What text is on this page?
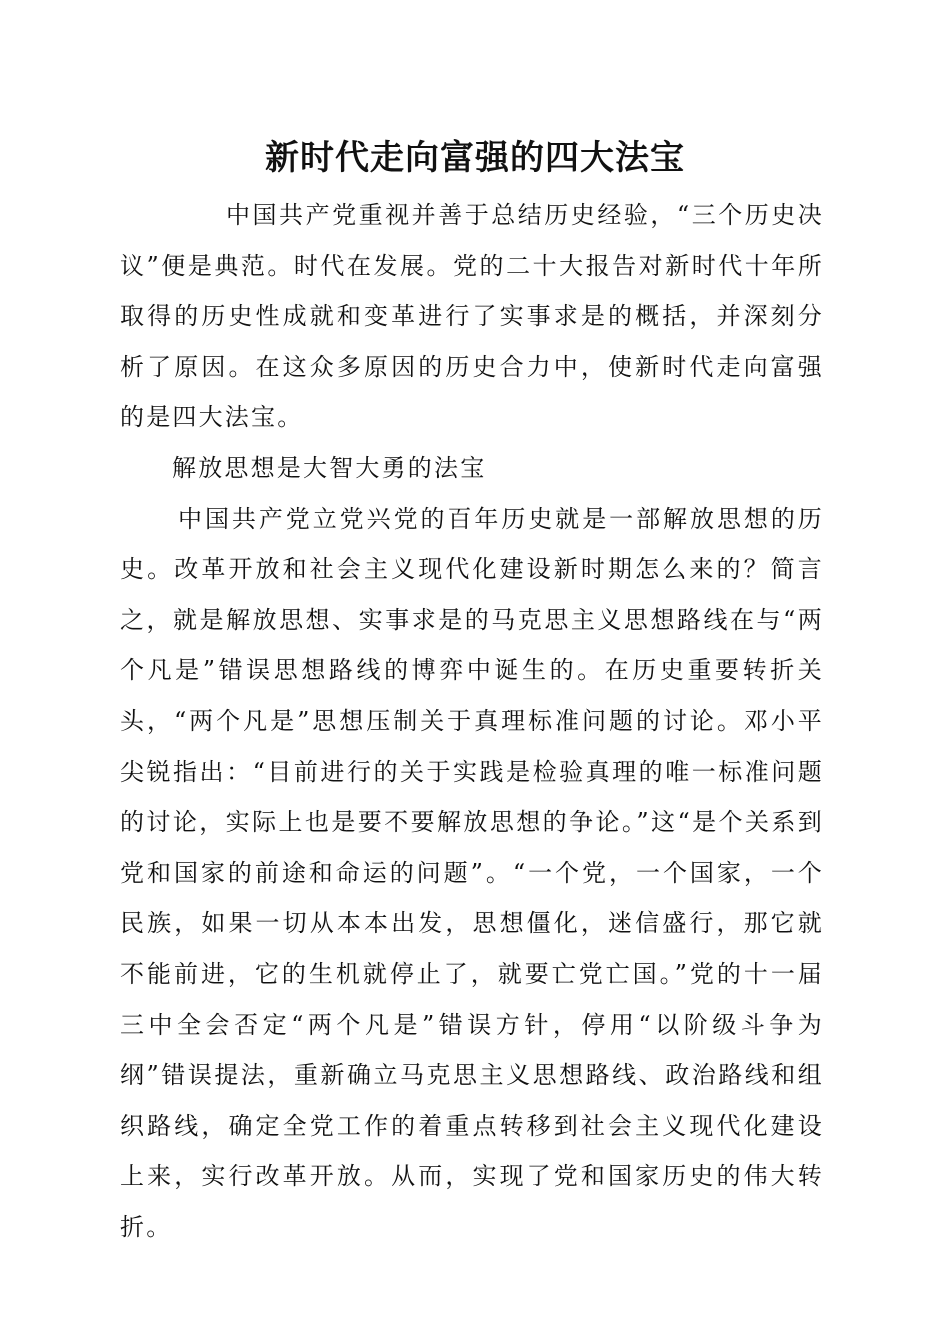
新时代走向富强的四大法宝

中国共产党重视并善于总结历史经验，“三个历史决议”便是典范。时代在发展。党的二十大报告对新时代十年所取得的历史性成就和变革进行了实事求是的概括，并深刻分析了原因。在这众多原因的历史合力中，使新时代走向富强的是四大法宝。

解放思想是大智大勇的法宝

中国共产党立党兴党的百年历史就是一部解放思想的历史。改革开放和社会主义现代化建设新时期怎么来的？简言之，就是解放思想、实事求是的马克思主义思想路线在与“两个凡是”错误思想路线的博弈中诞生的。在历史重要转折关头，“两个凡是”思想压制关于真理标准问题的讨论。邓小平尖锐指出：“目前进行的关于实践是检验真理的唯一标准问题的讨论，实际上也是要不要解放思想的争论。”这“是个关系到党和国家的前途和命运的问题”。“一个党，一个国家，一个民族，如果一切从本本出发，思想僵化，迷信盛行，那它就不能前进，它的生机就停止了，就要亡党亡国。”党的十一届三中全会否定“两个凡是”错误方针，停用“以阶级斗争为纲”错误提法，重新确立马克思主义思想路线、政治路线和组织路线，确定全党工作的着重点转移到社会主义现代化建设上来，实行改革开放。从而，实现了党和国家历史的伟大转折。
